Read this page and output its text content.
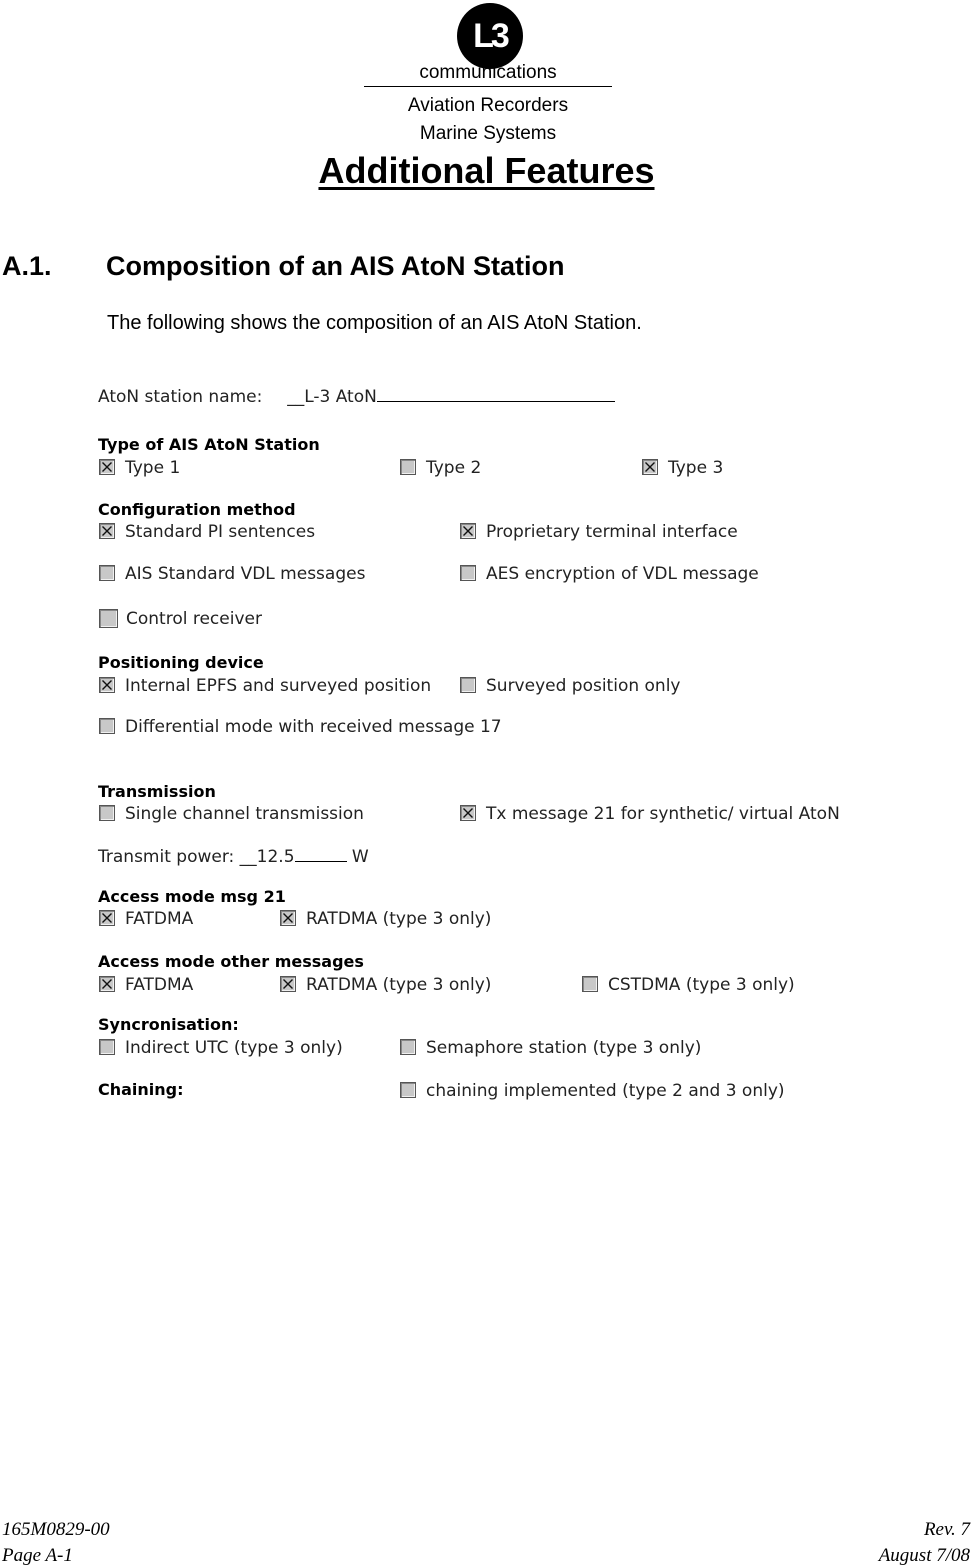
L3
communications
Aviation Recorders
Marine Systems
Additional Features
A.1. Composition of an AIS AtoN Station
The following shows the composition of an AIS AtoN Station.
AtoN station name: __L-3 AtoN
Type of AIS AtoN Station
Type 1	Type 2	Type 3
Configuration method
Standard PI sentences	Proprietary terminal interface
AIS Standard VDL messages	AES encryption of VDL message
Control receiver
Positioning device
Internal EPFS and surveyed position	Surveyed position only
Differential mode with received message 17
Transmission
Single channel transmission	Tx message 21 for synthetic/ virtual AtoN
Transmit power: __12.5	W
Access mode msg 21
FATDMA	RATDMA (type 3 only)
Access mode other messages
FATDMA	RATDMA (type 3 only)	CSTDMA (type 3 only)
Syncronisation:
Indirect UTC (type 3 only)	Semaphore station (type 3 only)
Chaining:	chaining implemented (type 2 and 3 only)
165M0829-00
Page A-1
Rev. 7
August 7/08
